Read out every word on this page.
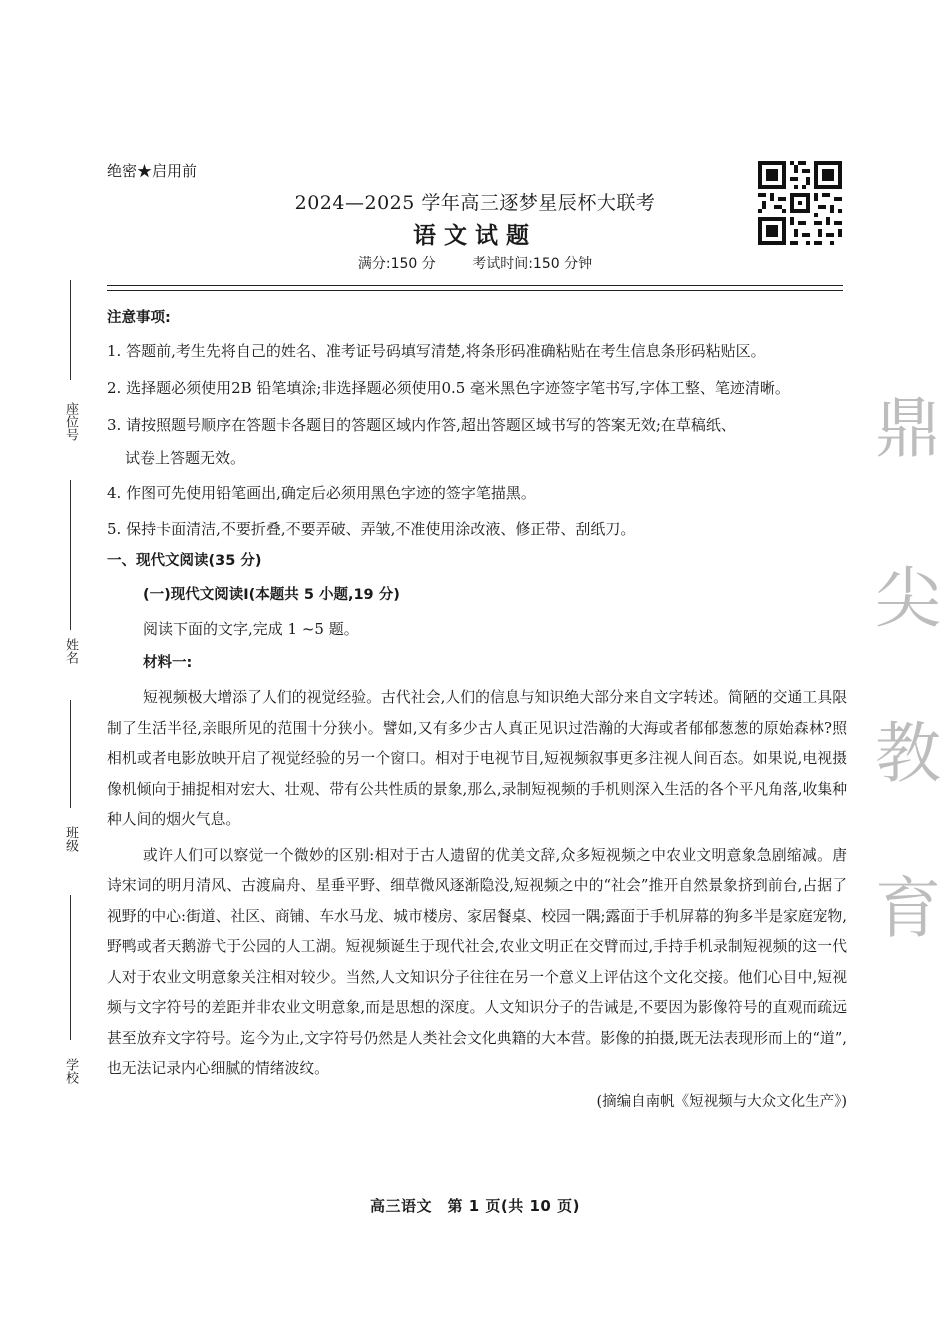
座位号
姓名
班级
学校
绝密★启用前
2024—2025 学年高三逐梦星辰杯大联考
语文试题
满分:150 分	考试时间:150 分钟

注意事项:

1. 答题前,考生先将自己的姓名、准考证号码填写清楚,将条形码准确粘贴在考生信息条形码粘贴区。

2. 选择题必须使用2B 铅笔填涂;非选择题必须使用0.5 毫米黑色字迹签字笔书写,字体工整、笔迹清晰。

3. 请按照题号顺序在答题卡各题目的答题区域内作答,超出答题区域书写的答案无效;在草稿纸、

试卷上答题无效。

4. 作图可先使用铅笔画出,确定后必须用黑色字迹的签字笔描黑。

5. 保持卡面清洁,不要折叠,不要弄破、弄皱,不准使用涂改液、修正带、刮纸刀。

一、现代文阅读(35 分)

(一)现代文阅读Ⅰ(本题共 5 小题,19 分)

阅读下面的文字,完成 1 ~5 题。

材料一:

短视频极大增添了人们的视觉经验。古代社会,人们的信息与知识绝大部分来自文字转述。简陋的交通工具限制了生活半径,亲眼所见的范围十分狭小。譬如,又有多少古人真正见识过浩瀚的大海或者郁郁葱葱的原始森林?照相机或者电影放映开启了视觉经验的另一个窗口。相对于电视节目,短视频叙事更多注视人间百态。如果说,电视摄像机倾向于捕捉相对宏大、壮观、带有公共性质的景象,那么,录制短视频的手机则深入生活的各个平凡角落,收集种种人间的烟火气息。

或许人们可以察觉一个微妙的区别:相对于古人遗留的优美文辞,众多短视频之中农业文明意象急剧缩减。唐诗宋词的明月清风、古渡扁舟、星垂平野、细草微风逐渐隐没,短视频之中的“社会”推开自然景象挤到前台,占据了视野的中心:街道、社区、商铺、车水马龙、城市楼房、家居餐桌、校园一隅;露面于手机屏幕的狗多半是家庭宠物,野鸭或者天鹅游弋于公园的人工湖。短视频诞生于现代社会,农业文明正在交臂而过,手持手机录制短视频的这一代人对于农业文明意象关注相对较少。当然,人文知识分子往往在另一个意义上评估这个文化交接。他们心目中,短视频与文字符号的差距并非农业文明意象,而是思想的深度。人文知识分子的告诫是,不要因为影像符号的直观而疏远甚至放弃文字符号。迄今为止,文字符号仍然是人类社会文化典籍的大本营。影像的拍摄,既无法表现形而上的“道”,也无法记录内心细腻的情绪波纹。

(摘编自南帆《短视频与大众文化生产》)

高三语文　第 1 页(共 10 页)
鼎
尖
教
育
